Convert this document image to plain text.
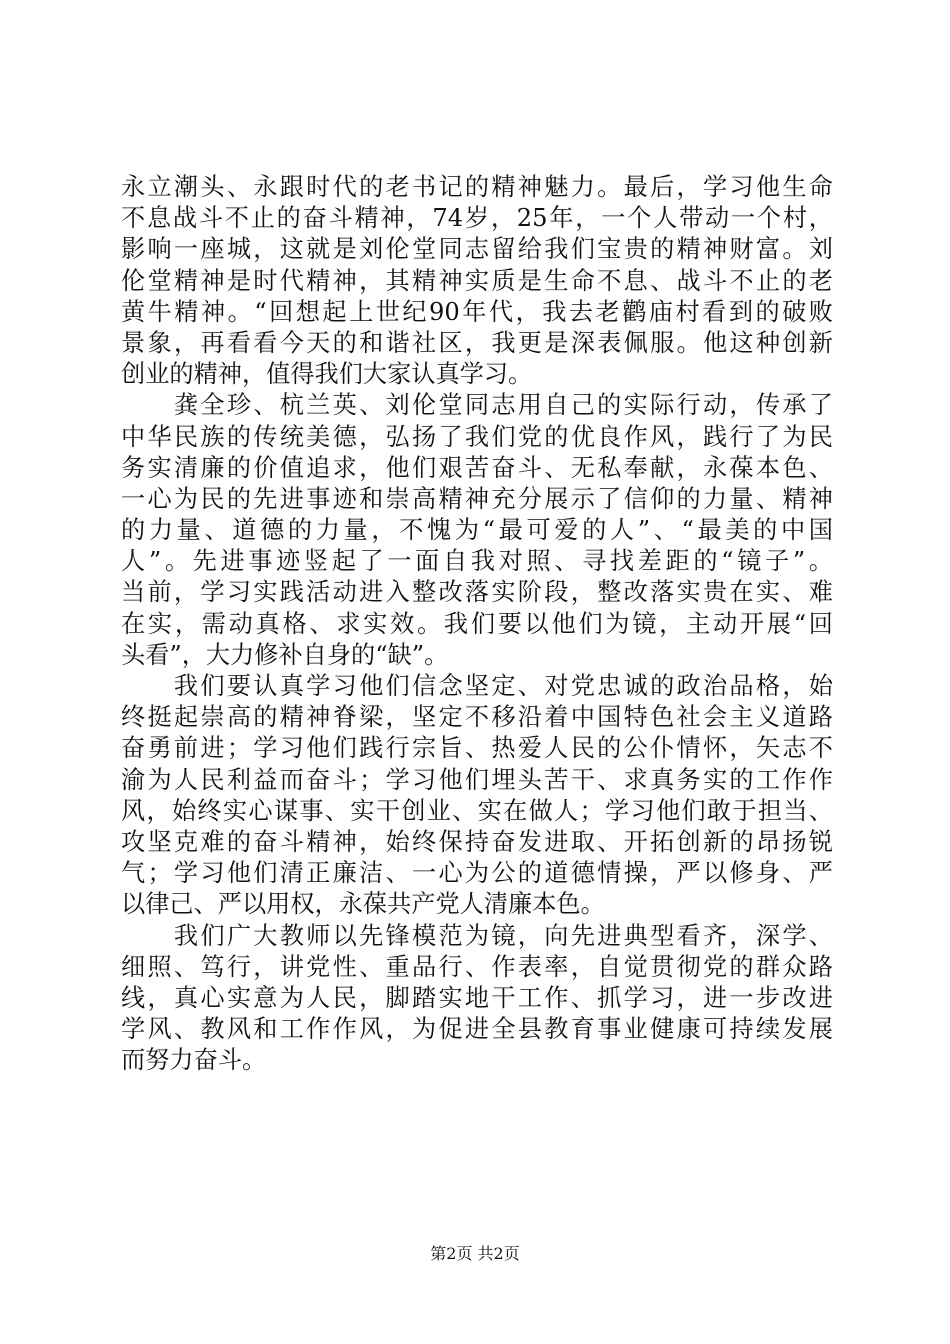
永立潮头、永跟时代的老书记的精神魅力。最后，学习他生命
不息战斗不止的奋斗精神，74岁，25年，一个人带动一个村，
影响一座城，这就是刘伦堂同志留给我们宝贵的精神财富。刘
伦堂精神是时代精神，其精神实质是生命不息、战斗不止的老
黄牛精神。“回想起上世纪90年代，我去老鹳庙村看到的破败
景象，再看看今天的和谐社区，我更是深表佩服。他这种创新
创业的精神，值得我们大家认真学习。
　　龚全珍、杭兰英、刘伦堂同志用自己的实际行动，传承了
中华民族的传统美德，弘扬了我们党的优良作风，践行了为民
务实清廉的价值追求，他们艰苦奋斗、无私奉献，永葆本色、
一心为民的先进事迹和崇高精神充分展示了信仰的力量、精神
的力量、道德的力量，不愧为“最可爱的人”、“最美的中国
人”。先进事迹竖起了一面自我对照、寻找差距的“镜子”。
当前，学习实践活动进入整改落实阶段，整改落实贵在实、难
在实，需动真格、求实效。我们要以他们为镜，主动开展“回
头看”，大力修补自身的“缺”。
　　我们要认真学习他们信念坚定、对党忠诚的政治品格，始
终挺起崇高的精神脊梁，坚定不移沿着中国特色社会主义道路
奋勇前进；学习他们践行宗旨、热爱人民的公仆情怀，矢志不
渝为人民利益而奋斗；学习他们埋头苦干、求真务实的工作作
风，始终实心谋事、实干创业、实在做人；学习他们敢于担当、
攻坚克难的奋斗精神，始终保持奋发进取、开拓创新的昂扬锐
气；学习他们清正廉洁、一心为公的道德情操，严以修身、严
以律己、严以用权，永葆共产党人清廉本色。
　　我们广大教师以先锋模范为镜，向先进典型看齐，深学、
细照、笃行，讲党性、重品行、作表率，自觉贯彻党的群众路
线，真心实意为人民，脚踏实地干工作、抓学习，进一步改进
学风、教风和工作作风，为促进全县教育事业健康可持续发展
而努力奋斗。
第2页 共2页
